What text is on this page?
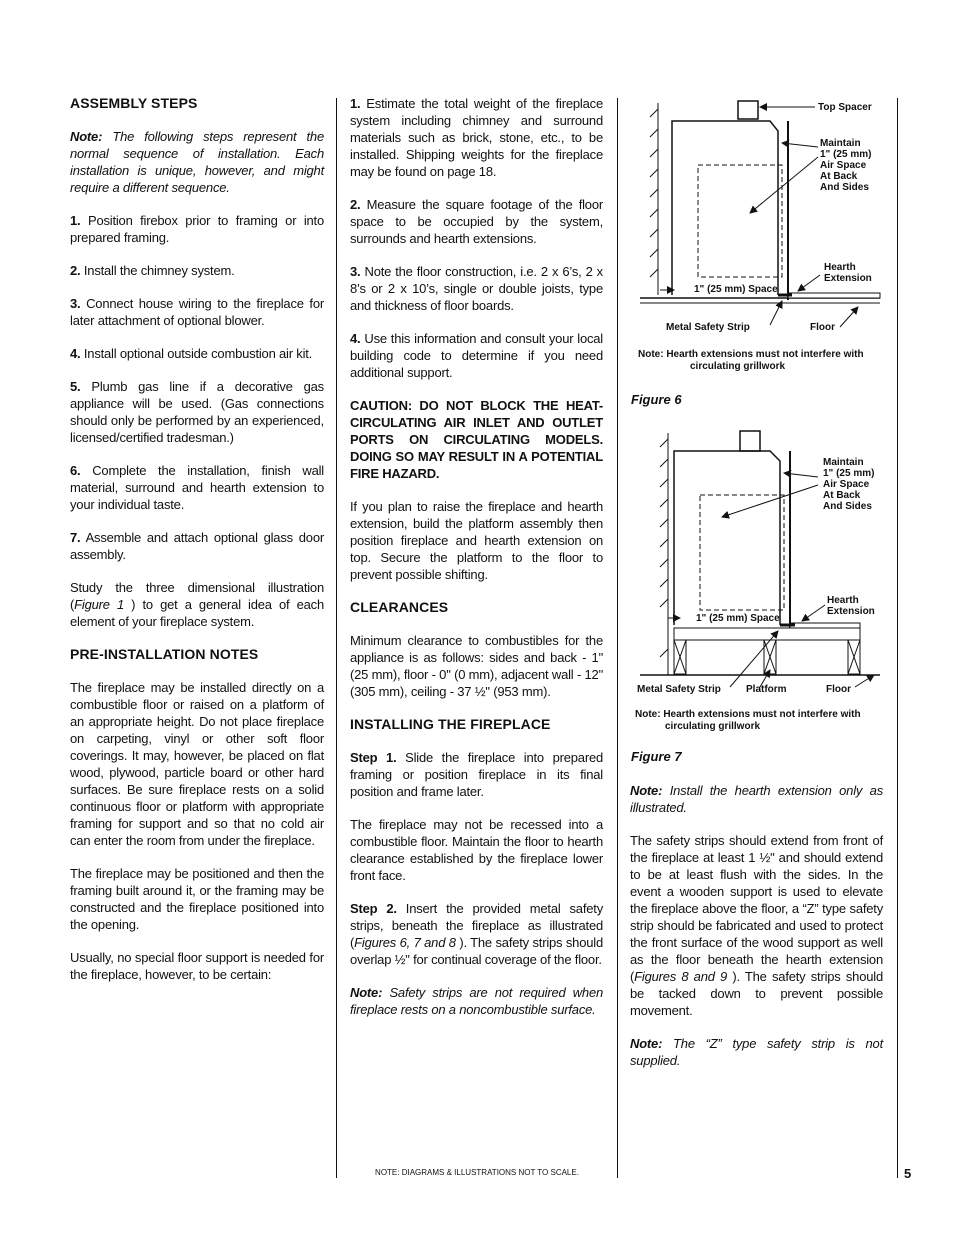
ASSEMBLY STEPS

Note: The following steps represent the normal sequence of installation. Each installation is unique, however, and might require a different sequence.

1. Position firebox prior to framing or into prepared framing.

2. Install the chimney system.

3. Connect house wiring to the fireplace for later attachment of optional blower.

4. Install optional outside combustion air kit.

5. Plumb gas line if a decorative gas appliance will be used. (Gas connections should only be performed by an experienced, licensed/certified tradesman.)

6. Complete the installation, finish wall material, surround and hearth extension to your individual taste.

7. Assemble and attach optional glass door assembly.

Study the three dimensional illustration (Figure 1 ) to get a general idea of each element of your fireplace system.

PRE-INSTALLATION NOTES

The fireplace may be installed directly on a combustible floor or raised on a platform of an appropriate height. Do not place fireplace on carpeting, vinyl or other soft floor coverings. It may, however, be placed on flat wood, plywood, particle board or other hard surfaces. Be sure fireplace rests on a solid continuous floor or platform with appropriate framing for support and so that no cold air can enter the room from under the fireplace.

The fireplace may be positioned and then the framing built around it, or the framing may be constructed and the fireplace positioned into the opening.

Usually, no special floor support is needed for the fireplace, however, to be certain:

1. Estimate the total weight of the fireplace system including chimney and surround materials such as brick, stone, etc., to be installed. Shipping weights for the fireplace may be found on page 18.

2. Measure the square footage of the floor space to be occupied by the system, surrounds and hearth extensions.

3. Note the floor construction, i.e. 2 x 6’s, 2 x 8’s or 2 x 10’s, single or double joists, type and thickness of floor boards.

4. Use this information and consult your local building code to determine if you need additional support.

CAUTION: DO NOT BLOCK THE HEAT-CIRCULATING AIR INLET AND OUTLET PORTS ON CIRCULATING MODELS. DOING SO MAY RESULT IN A POTENTIAL FIRE HAZARD.

If you plan to raise the fireplace and hearth extension, build the platform assembly then position fireplace and hearth extension on top. Secure the platform to the floor to prevent possible shifting.

CLEARANCES

Minimum clearance to combustibles for the appliance is as follows: sides and back - 1" (25 mm), floor - 0" (0 mm), adjacent wall - 12" (305 mm), ceiling - 37 ½" (953 mm).

INSTALLING THE FIREPLACE

Step 1. Slide the fireplace into prepared framing or position fireplace in its final position and frame later.

The fireplace may not be recessed into a combustible floor. Maintain the floor to hearth clearance established by the fireplace lower front face.

Step 2. Insert the provided metal safety strips, beneath the fireplace as illustrated (Figures 6, 7 and 8 ). The safety strips should overlap ½" for continual coverage of the floor.

Note: Safety strips are not required when fireplace rests on a noncombustible surface.

Top Spacer
Maintain 1" (25 mm) Air Space At Back And Sides
Hearth Extension
1" (25 mm) Space
Metal Safety Strip	Floor
Note: Hearth extensions must not interfere with circulating grillwork
Figure 6
Maintain 1" (25 mm) Air Space At Back And Sides
Hearth Extension
1" (25 mm) Space
Metal Safety Strip	Platform	Floor
Note: Hearth extensions must not interfere with circulating grillwork
Figure 7

Note: Install the hearth extension only as illustrated.

The safety strips should extend from front of the fireplace at least 1 ½" and should extend to be at least flush with the sides. In the event a wooden support is used to elevate the fireplace above the floor, a “Z” type safety strip should be fabricated and used to protect the front surface of the wood support as well as the floor beneath the hearth extension (Figures 8 and 9 ). The safety strips should be tacked down to prevent possible movement.

Note: The “Z” type safety strip is not supplied.

NOTE: DIAGRAMS & ILLUSTRATIONS NOT TO SCALE.	5
